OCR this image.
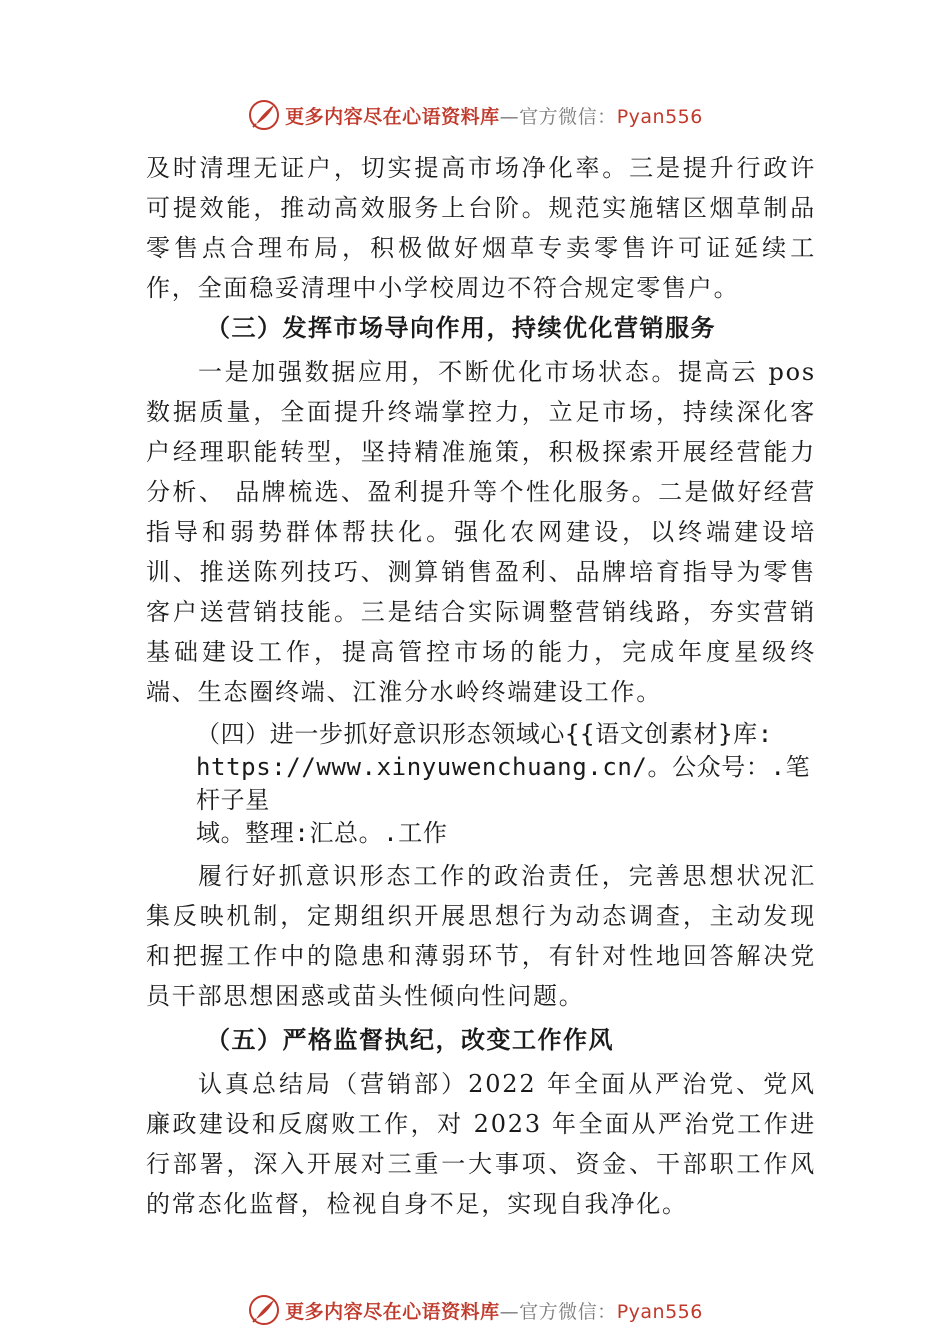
更多内容尽在心语资料库—官方微信：Pyan556

及时清理无证户，切实提高市场净化率。三是提升行政许可提效能，推动高效服务上台阶。规范实施辖区烟草制品零售点合理布局，积极做好烟草专卖零售许可证延续工作，全面稳妥清理中小学校周边不符合规定零售户。

（三）发挥市场导向作用，持续优化营销服务

一是加强数据应用，不断优化市场状态。提高云 pos 数据质量，全面提升终端掌控力，立足市场，持续深化客户经理职能转型，坚持精准施策，积极探索开展经营能力分析、 品牌梳选、盈利提升等个性化服务。二是做好经营指导和弱势群体帮扶化。强化农网建设，以终端建设培训、推送陈列技巧、测算销售盈利、品牌培育指导为零售客户送营销技能。三是结合实际调整营销线路，夯实营销基础建设工作，提高管控市场的能力，完成年度星级终端、生态圈终端、江淮分水岭终端建设工作。

（四）进一步抓好意识形态领域心{{语文创素材}库:
https://www.xinyuwenchuang.cn/。公众号：.笔杆子星
域。整理:汇总。.工作

履行好抓意识形态工作的政治责任，完善思想状况汇集反映机制，定期组织开展思想行为动态调查，主动发现和把握工作中的隐患和薄弱环节，有针对性地回答解决党员干部思想困惑或苗头性倾向性问题。

（五）严格监督执纪，改变工作作风

认真总结局（营销部）2022 年全面从严治党、党风廉政建设和反腐败工作，对 2023 年全面从严治党工作进行部署，深入开展对三重一大事项、资金、干部职工作风的常态化监督，检视自身不足，实现自我净化。

更多内容尽在心语资料库—官方微信：Pyan556
